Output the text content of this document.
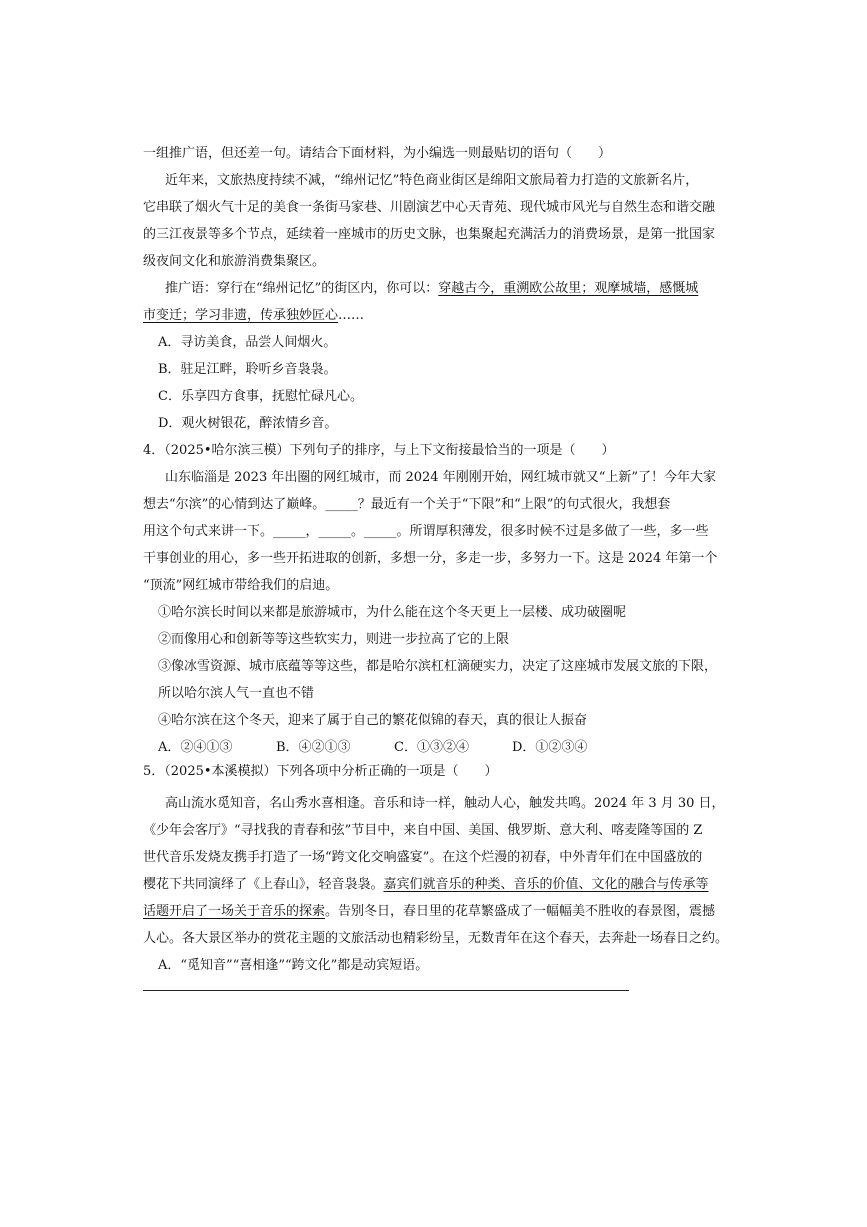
一组推广语，但还差一句。请结合下面材料，为小编选一则最贴切的语句（　　）
近年来，文旅热度持续不减，“绵州记忆”特色商业街区是绵阳文旅局着力打造的文旅新名片，
它串联了烟火气十足的美食一条街马家巷、川剧演艺中心天青苑、现代城市风光与自然生态和谐交融
的三江夜景等多个节点，延续着一座城市的历史文脉，也集聚起充满活力的消费场景，是第一批国家
级夜间文化和旅游消费集聚区。
推广语：穿行在“绵州记忆”的街区内，你可以：穿越古今，重溯欧公故里；观摩城墙，感慨城
市变迁；学习非遗，传承独妙匠心……
A．寻访美食，品尝人间烟火。
B．驻足江畔，聆听乡音袅袅。
C．乐享四方食事，抚慰忙碌凡心。
D．观火树银花，醉浓情乡音。
4．（2025•哈尔滨三模）下列句子的排序，与上下文衔接最恰当的一项是（　　）
山东临淄是 2023 年出圈的网红城市，而 2024 年刚刚开始，网红城市就又“上新”了！今年大家
想去“尔滨”的心情到达了巅峰。_____？最近有一个关于“下限”和“上限”的句式很火，我想套
用这个句式来讲一下。_____，_____。_____。所谓厚积薄发，很多时候不过是多做了一些，多一些
干事创业的用心，多一些开拓进取的创新，多想一分，多走一步，多努力一下。这是 2024 年第一个
“顶流”网红城市带给我们的启迪。
①哈尔滨长时间以来都是旅游城市，为什么能在这个冬天更上一层楼、成功破圈呢
②而像用心和创新等等这些软实力，则进一步拉高了它的上限
③像冰雪资源、城市底蕴等等这些，都是哈尔滨杠杠滴硬实力，决定了这座城市发展文旅的下限，
所以哈尔滨人气一直也不错
④哈尔滨在这个冬天，迎来了属于自己的繁花似锦的春天，真的很让人振奋
A．②④①③	B．④②①③	C．①③②④	D．①②③④
5．（2025•本溪模拟）下列各项中分析正确的一项是（　　）
高山流水觅知音，名山秀水喜相逢。音乐和诗一样，触动人心，触发共鸣。2024 年 3 月 30 日，
《少年会客厅》“寻找我的青春和弦”节目中，来自中国、美国、俄罗斯、意大利、喀麦隆等国的 Z
世代音乐发烧友携手打造了一场“跨文化交响盛宴”。在这个烂漫的初春，中外青年们在中国盛放的
樱花下共同演绎了《上春山》，轻音袅袅。嘉宾们就音乐的种类、音乐的价值、文化的融合与传承等
话题开启了一场关于音乐的探索。告别冬日，春日里的花草繁盛成了一幅幅美不胜收的春景图，震撼
人心。各大景区举办的赏花主题的文旅活动也精彩纷呈，无数青年在这个春天，去奔赴一场春日之约。
A．“觅知音”“喜相逢”“跨文化”都是动宾短语。
